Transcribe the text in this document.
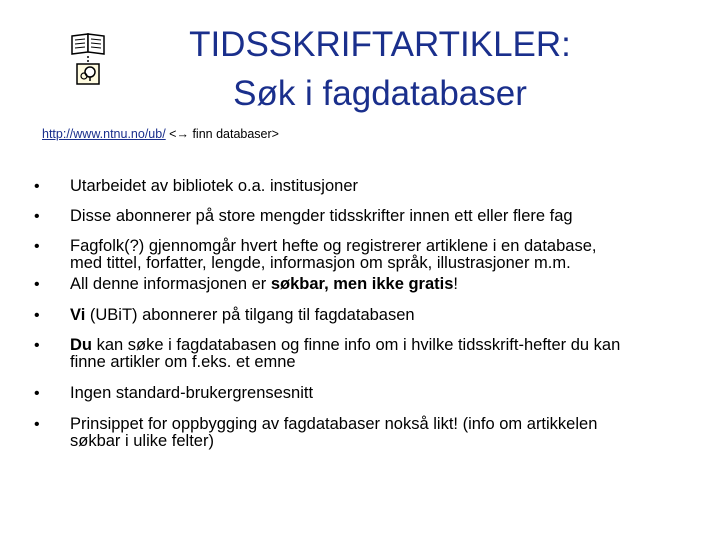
TIDSSKRIFTARTIKLER:
Søk i fagdatabaser
http://www.ntnu.no/ub/ <→ finn databaser>
• Utarbeidet av bibliotek o.a. institusjoner
• Disse abonnerer på store mengder tidsskrifter innen ett eller flere fag
• Fagfolk(?) gjennomgår hvert hefte og registrerer artiklene i en database,
med tittel, forfatter, lengde, informasjon om språk, illustrasjoner m.m.
• All denne informasjonen er søkbar, men ikke gratis!
• Vi (UBiT) abonnerer på tilgang til fagdatabasen
• Du kan søke i fagdatabasen og finne info om i hvilke tidsskrift-hefter du kan
finne artikler om f.eks. et emne
• Ingen standard-brukergrensesnitt
• Prinsippet for oppbygging av fagdatabaser nokså likt! (info om artikkelen
søkbar i ulike felter)
